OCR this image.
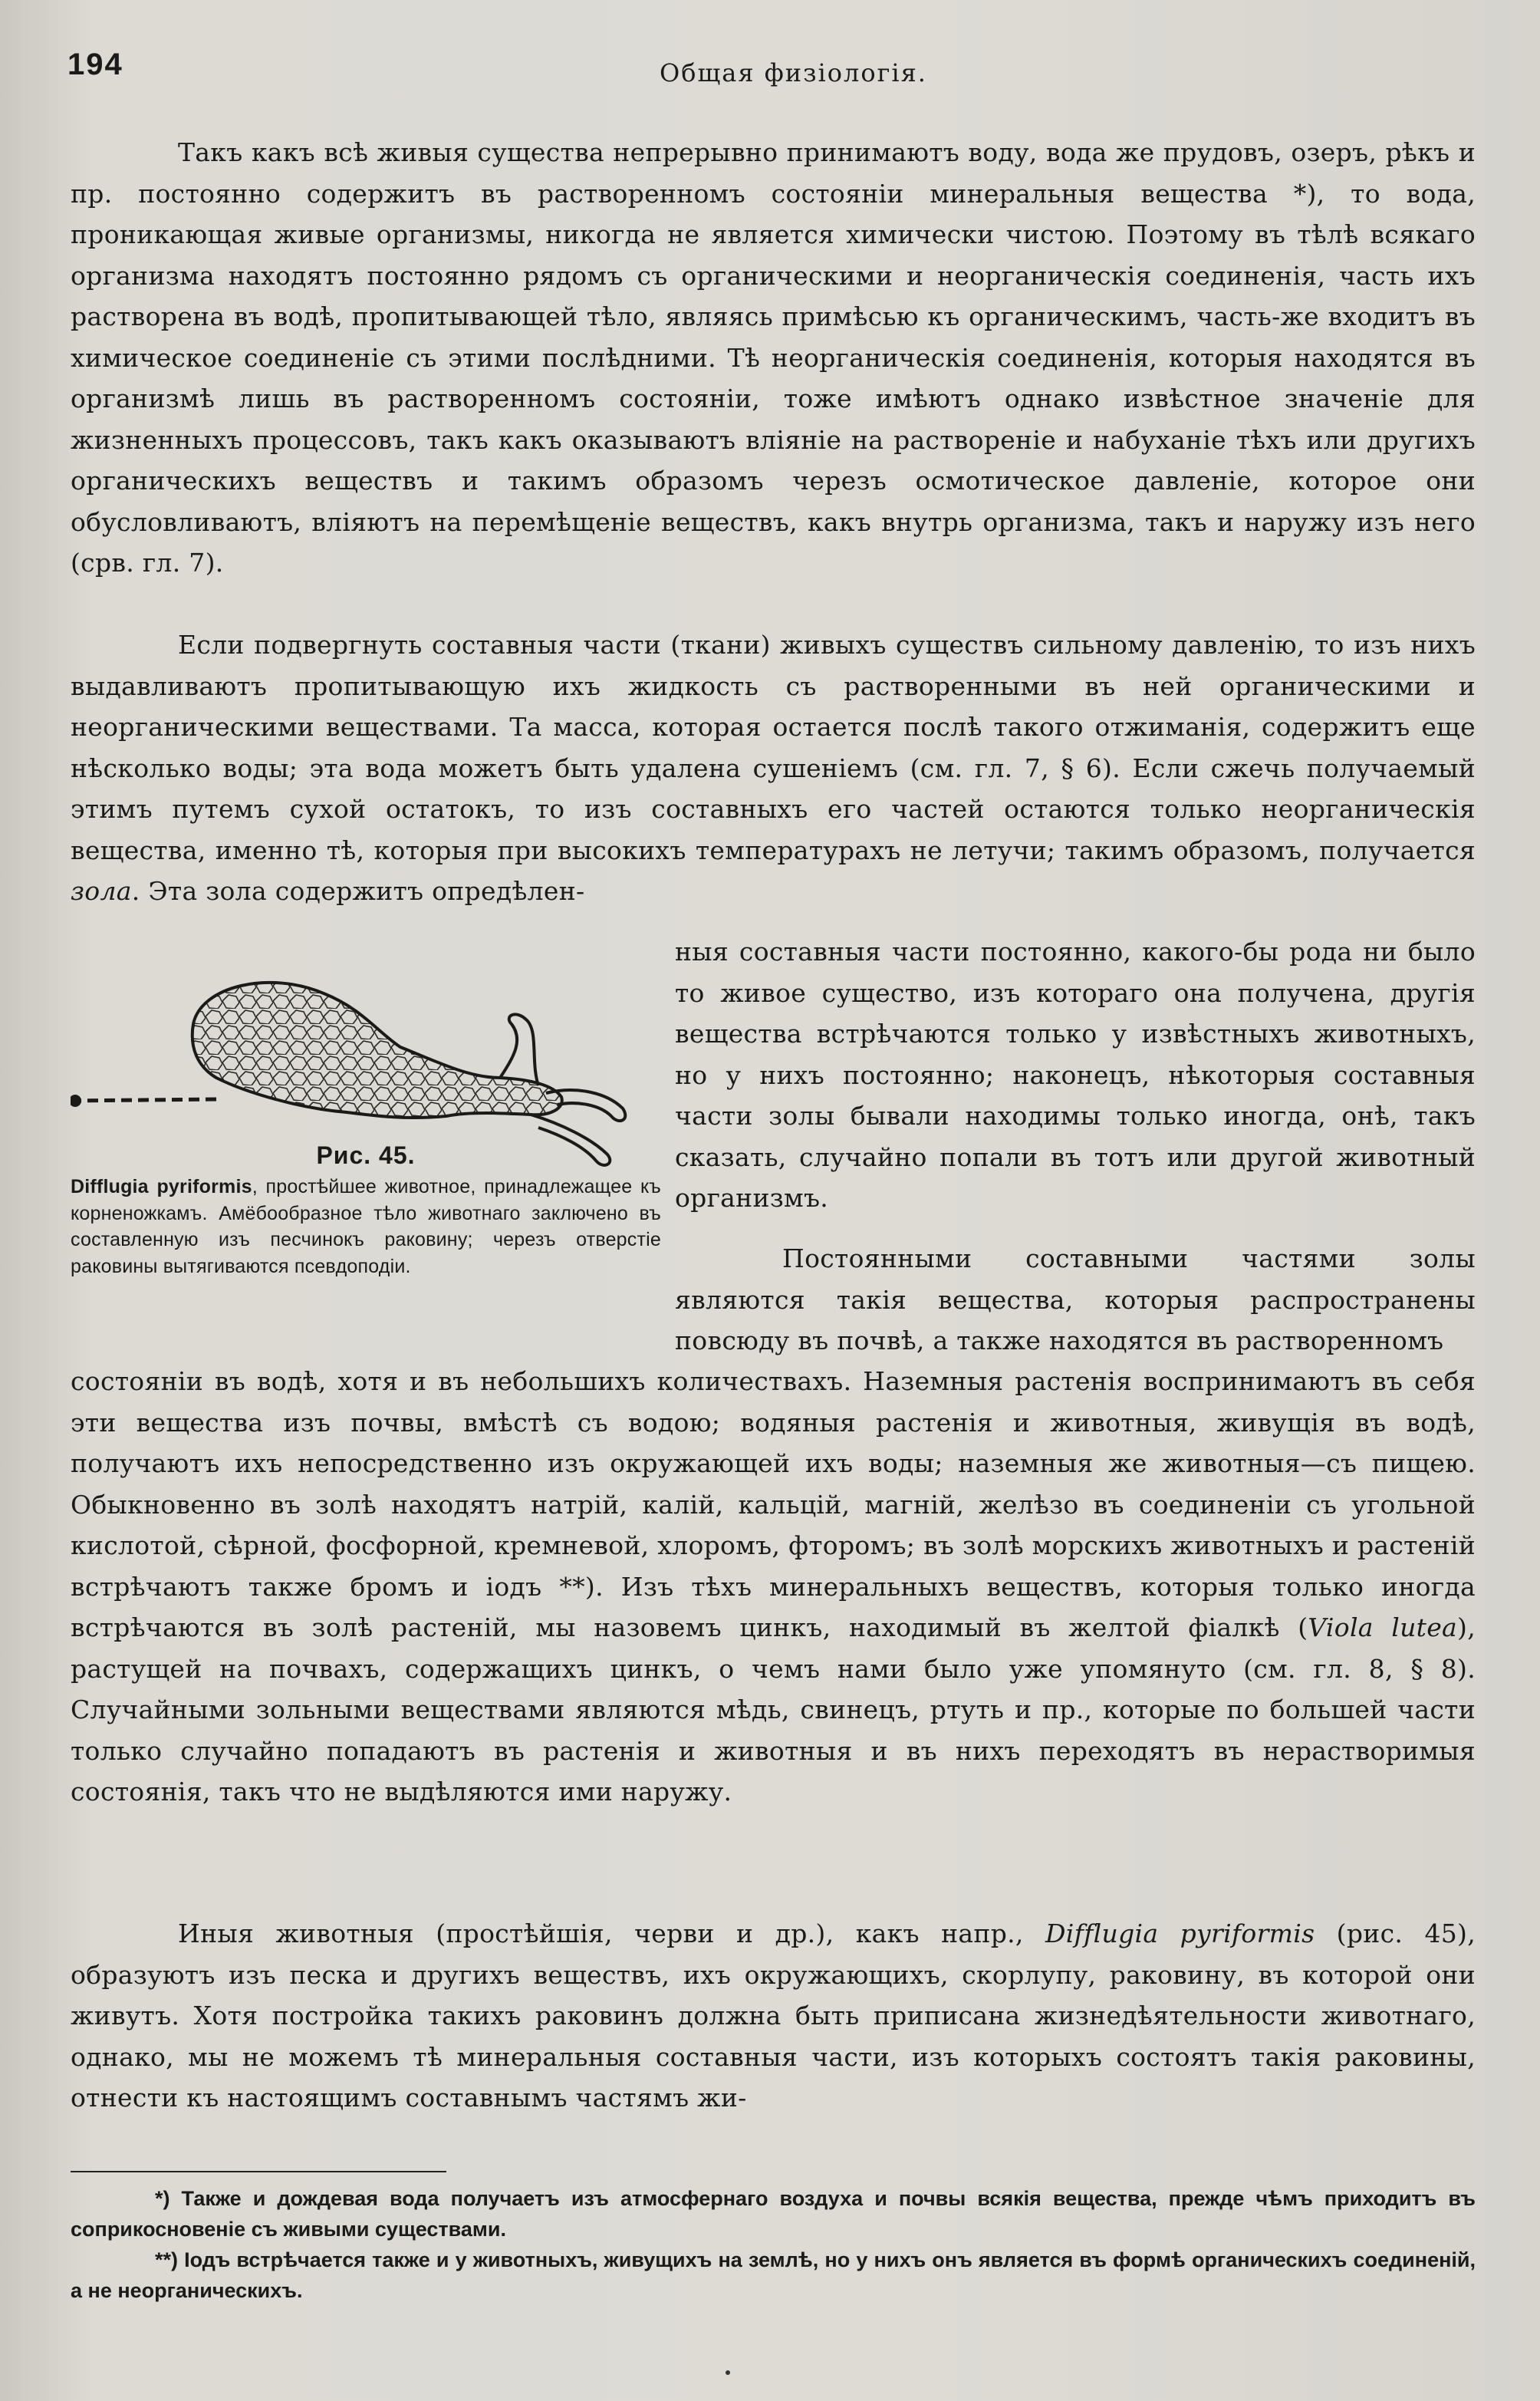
194	Общая физіологія.

Такъ какъ всѣ живыя существа непрерывно принимаютъ воду, вода же прудовъ, озеръ, рѣкъ и пр. постоянно содержитъ въ растворенномъ состояніи минеральныя вещества *), то вода, проникающая живые организмы, никогда не является химически чистою. Поэтому въ тѣлѣ всякаго организма находятъ постоянно рядомъ съ органическими и неорганическія соединенія, часть ихъ растворена въ водѣ, пропитывающей тѣло, являясь примѣсью къ органическимъ, часть-же входитъ въ химическое соединеніе съ этими послѣдними. Тѣ неорганическія соединенія, которыя находятся въ организмѣ лишь въ растворенномъ состояніи, тоже имѣютъ однако извѣстное значеніе для жизненныхъ процессовъ, такъ какъ оказываютъ вліяніе на раствореніе и набуханіе тѣхъ или другихъ органическихъ веществъ и такимъ образомъ черезъ осмотическое давленіе, которое они обусловливаютъ, вліяютъ на перемѣщеніе веществъ, какъ внутрь организма, такъ и наружу изъ него (срв. гл. 7).

Если подвергнуть составныя части (ткани) живыхъ существъ сильному давленію, то изъ нихъ выдавливаютъ пропитывающую ихъ жидкость съ растворенными въ ней органическими и неорганическими веществами. Та масса, которая остается послѣ такого отжиманія, содержитъ еще нѣсколько воды; эта вода можетъ быть удалена сушеніемъ (см. гл. 7, § 6). Если сжечь получаемый этимъ путемъ сухой остатокъ, то изъ составныхъ его частей остаются только неорганическія вещества, именно тѣ, которыя при высокихъ температурахъ не летучи; такимъ образомъ, получается зола. Эта зола содержитъ опредѣлен-

Рис. 45.

Difflugia pyriformis, простѣйшее животное, принадлежащее къ корненожкамъ. Амёбообразное тѣло животнаго заключено въ составленную изъ песчинокъ раковину; черезъ отверстіе раковины вытягиваются псевдоподіи.

ныя составныя части постоянно, какого-бы рода ни было то живое существо, изъ котораго она получена, другія вещества встрѣчаются только у извѣстныхъ животныхъ, но у нихъ постоянно; наконецъ, нѣкоторыя составныя части золы бывали находимы только иногда, онѣ, такъ сказать, случайно попали въ тотъ или другой животный организмъ.

Постоянными составными частями золы являются такія вещества, которыя распространены повсюду въ почвѣ, а также находятся въ растворенномъ

состояніи въ водѣ, хотя и въ небольшихъ количествахъ. Наземныя растенія воспринимаютъ въ себя эти вещества изъ почвы, вмѣстѣ съ водою; водяныя растенія и животныя, живущія въ водѣ, получаютъ ихъ непосредственно изъ окружающей ихъ воды; наземныя же животныя—съ пищею. Обыкновенно въ золѣ находятъ натрій, калій, кальцій, магній, желѣзо въ соединеніи съ угольной кислотой, сѣрной, фосфорной, кремневой, хлоромъ, фторомъ; въ золѣ морскихъ животныхъ и растеній встрѣчаютъ также бромъ и іодъ **). Изъ тѣхъ минеральныхъ веществъ, которыя только иногда встрѣчаются въ золѣ растеній, мы назовемъ цинкъ, находимый въ желтой фіалкѣ (Viola lutea), растущей на почвахъ, содержащихъ цинкъ, о чемъ нами было уже упомянуто (см. гл. 8, § 8). Случайными зольными веществами являются мѣдь, свинецъ, ртуть и пр., которые по большей части только случайно попадаютъ въ растенія и животныя и въ нихъ переходятъ въ нерастворимыя состоянія, такъ что не выдѣляются ими наружу.

Иныя животныя (простѣйшія, черви и др.), какъ напр., Difflugia pyriformis (рис. 45), образуютъ изъ песка и другихъ веществъ, ихъ окружающихъ, скорлупу, раковину, въ которой они живутъ. Хотя постройка такихъ раковинъ должна быть приписана жизнедѣятельности животнаго, однако, мы не можемъ тѣ минеральныя составныя части, изъ которыхъ состоятъ такія раковины, отнести къ настоящимъ составнымъ частямъ жи-

*) Также и дождевая вода получаетъ изъ атмосфернаго воздуха и почвы всякія вещества, прежде чѣмъ приходитъ въ соприкосновеніе съ живыми существами.

**) Іодъ встрѣчается также и у животныхъ, живущихъ на землѣ, но у нихъ онъ является въ формѣ органическихъ соединеній, а не неорганическихъ.
